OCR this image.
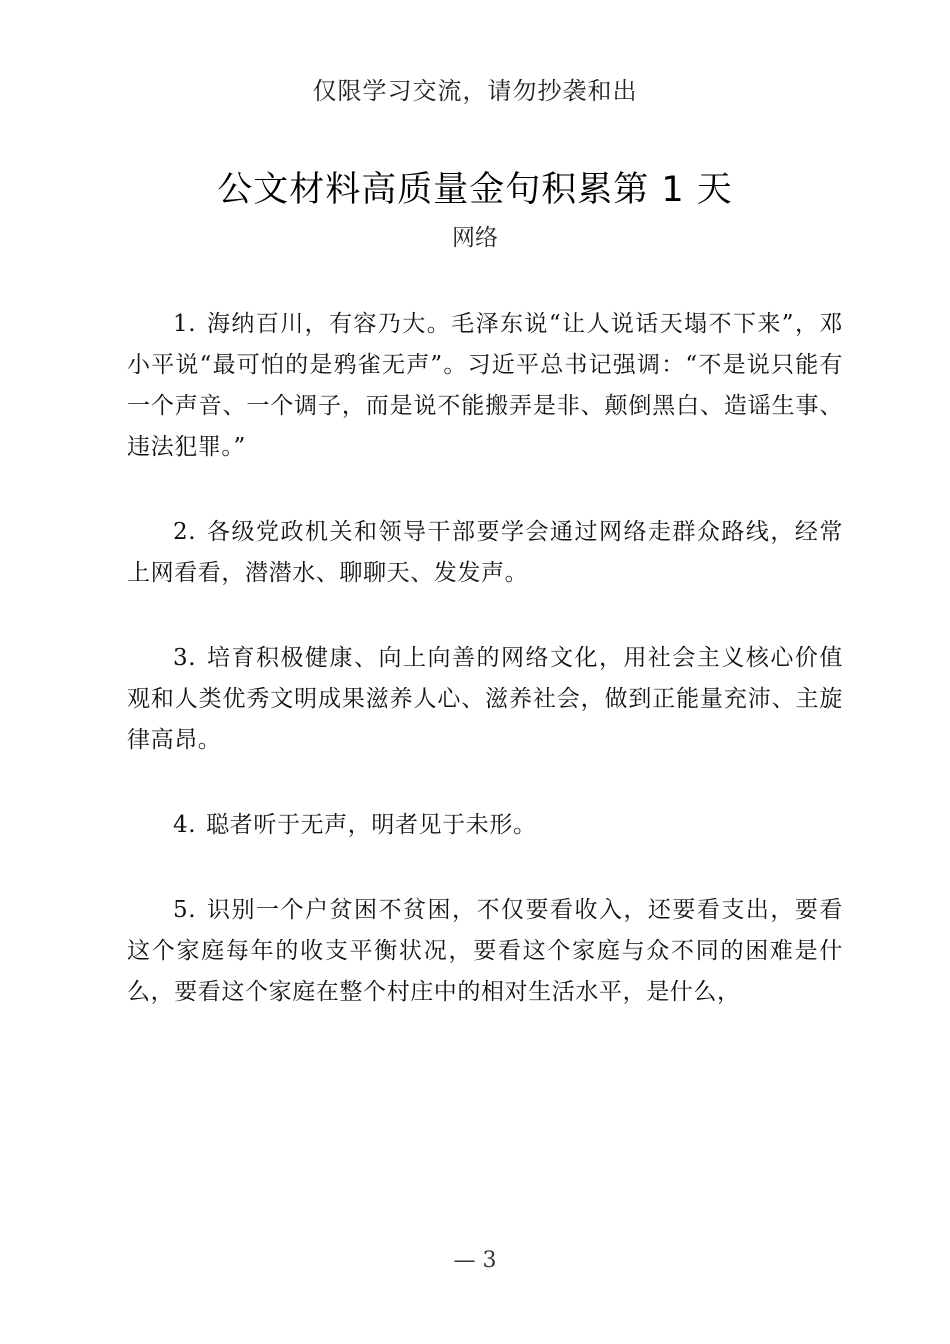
仅限学习交流，请勿抄袭和出
公文材料高质量金句积累第 1 天
网络

1. 海纳百川，有容乃大。毛泽东说“让人说话天塌不下来”，邓小平说“最可怕的是鸦雀无声”。习近平总书记强调：“不是说只能有一个声音、一个调子，而是说不能搬弄是非、颠倒黑白、造谣生事、违法犯罪。”

2. 各级党政机关和领导干部要学会通过网络走群众路线，经常上网看看，潜潜水、聊聊天、发发声。

3. 培育积极健康、向上向善的网络文化，用社会主义核心价值观和人类优秀文明成果滋养人心、滋养社会，做到正能量充沛、主旋律高昂。

4. 聪者听于无声，明者见于未形。

5. 识别一个户贫困不贫困，不仅要看收入，还要看支出，要看这个家庭每年的收支平衡状况，要看这个家庭与众不同的困难是什么，要看这个家庭在整个村庄中的相对生活水平，是什么，

— 3
